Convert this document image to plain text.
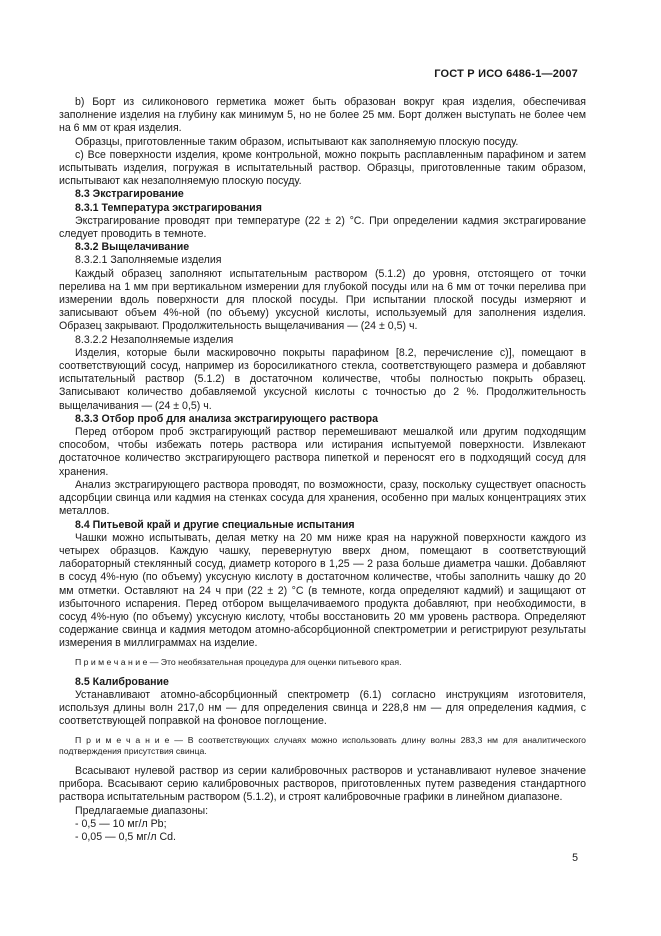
ГОСТ Р ИСО 6486-1—2007

b) Борт из силиконового герметика может быть образован вокруг края изделия, обеспечивая заполнение изделия на глубину как минимум 5, но не более 25 мм. Борт должен выступать не более чем на 6 мм от края изделия.

Образцы, приготовленные таким образом, испытывают как заполняемую плоскую посуду.

c) Все поверхности изделия, кроме контрольной, можно покрыть расплавленным парафином и затем испытывать изделия, погружая в испытательный раствор. Образцы, приготовленные таким образом, испытывают как незаполняемую плоскую посуду.

8.3 Экстрагирование

8.3.1 Температура экстрагирования

Экстрагирование проводят при температуре (22 ± 2) °С. При определении кадмия экстрагирование следует проводить в темноте.

8.3.2 Выщелачивание

8.3.2.1 Заполняемые изделия

Каждый образец заполняют испытательным раствором (5.1.2) до уровня, отстоящего от точки перелива на 1 мм при вертикальном измерении для глубокой посуды или на 6 мм от точки перелива при измерении вдоль поверхности для плоской посуды. При испытании плоской посуды измеряют и записывают объем 4%-ной (по объему) уксусной кислоты, используемый для заполнения изделия. Образец закрывают. Продолжительность выщелачивания — (24 ± 0,5) ч.

8.3.2.2 Незаполняемые изделия

Изделия, которые были маскировочно покрыты парафином [8.2, перечисление с)], помещают в соответствующий сосуд, например из боросиликатного стекла, соответствующего размера и добавляют испытательный раствор (5.1.2) в достаточном количестве, чтобы полностью покрыть образец. Записывают количество добавляемой уксусной кислоты с точностью до 2 %. Продолжительность выщелачивания — (24 ± 0,5) ч.

8.3.3 Отбор проб для анализа экстрагирующего раствора

Перед отбором проб экстрагирующий раствор перемешивают мешалкой или другим подходящим способом, чтобы избежать потерь раствора или истирания испытуемой поверхности. Извлекают достаточное количество экстрагирующего раствора пипеткой и переносят его в подходящий сосуд для хранения.

Анализ экстрагирующего раствора проводят, по возможности, сразу, поскольку существует опасность адсорбции свинца или кадмия на стенках сосуда для хранения, особенно при малых концентрациях этих металлов.

8.4 Питьевой край и другие специальные испытания

Чашки можно испытывать, делая метку на 20 мм ниже края на наружной поверхности каждого из четырех образцов. Каждую чашку, перевернутую вверх дном, помещают в соответствующий лабораторный стеклянный сосуд, диаметр которого в 1,25 — 2 раза больше диаметра чашки. Добавляют в сосуд 4%-ную (по объему) уксусную кислоту в достаточном количестве, чтобы заполнить чашку до 20 мм отметки. Оставляют на 24 ч при (22 ± 2) °С (в темноте, когда определяют кадмий) и защищают от избыточного испарения. Перед отбором выщелачиваемого продукта добавляют, при необходимости, в сосуд 4%-ную (по объему) уксусную кислоту, чтобы восстановить 20 мм уровень раствора. Определяют содержание свинца и кадмия методом атомно-абсорбционной спектрометрии и регистрируют результаты измерения в миллиграммах на изделие.

П р и м е ч а н и е — Это необязательная процедура для оценки питьевого края.

8.5 Калибрование

Устанавливают атомно-абсорбционный спектрометр (6.1) согласно инструкциям изготовителя, используя длины волн 217,0 нм — для определения свинца и 228,8 нм — для определения кадмия, с соответствующей поправкой на фоновое поглощение.

П р и м е ч а н и е — В соответствующих случаях можно использовать длину волны 283,3 нм для аналитического подтверждения присутствия свинца.

Всасывают нулевой раствор из серии калибровочных растворов и устанавливают нулевое значение прибора. Всасывают серию калибровочных растворов, приготовленных путем разведения стандартного раствора испытательным раствором (5.1.2), и строят калибровочные графики в линейном диапазоне.

Предлагаемые диапазоны:

- 0,5 — 10 мг/л Pb;

- 0,05 — 0,5 мг/л Cd.

5
